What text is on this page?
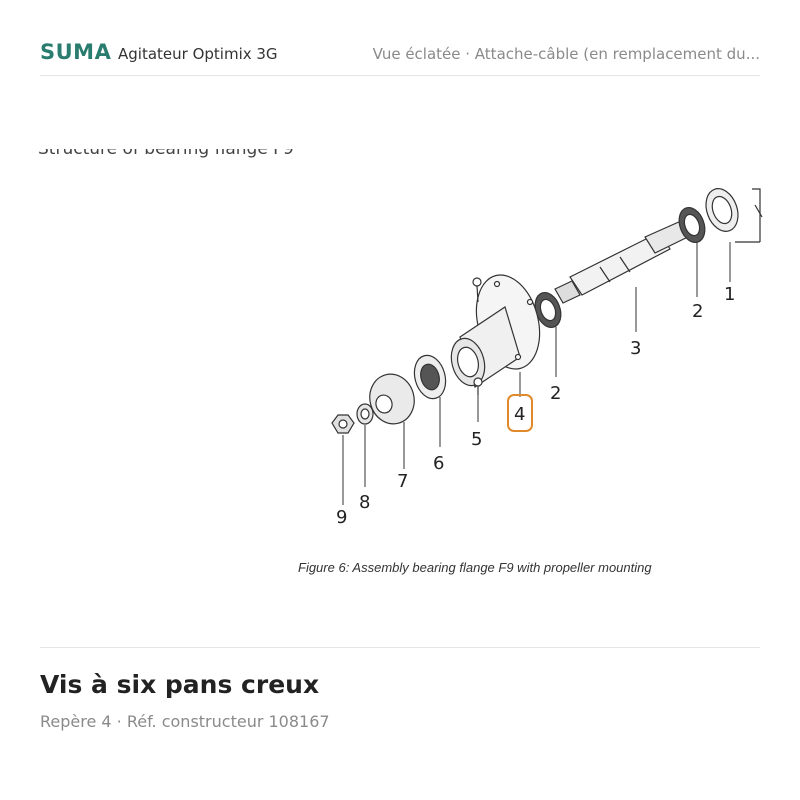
SUMA Agitateur Optimix 3G	Vue éclatée · Attache-câble (en remplacement du...
1
2
3
4
2
5
6
7
8
9
Figure 6: Assembly bearing flange F9 with propeller mounting
Vis à six pans creux
Repère 4 · Réf. constructeur 108167
